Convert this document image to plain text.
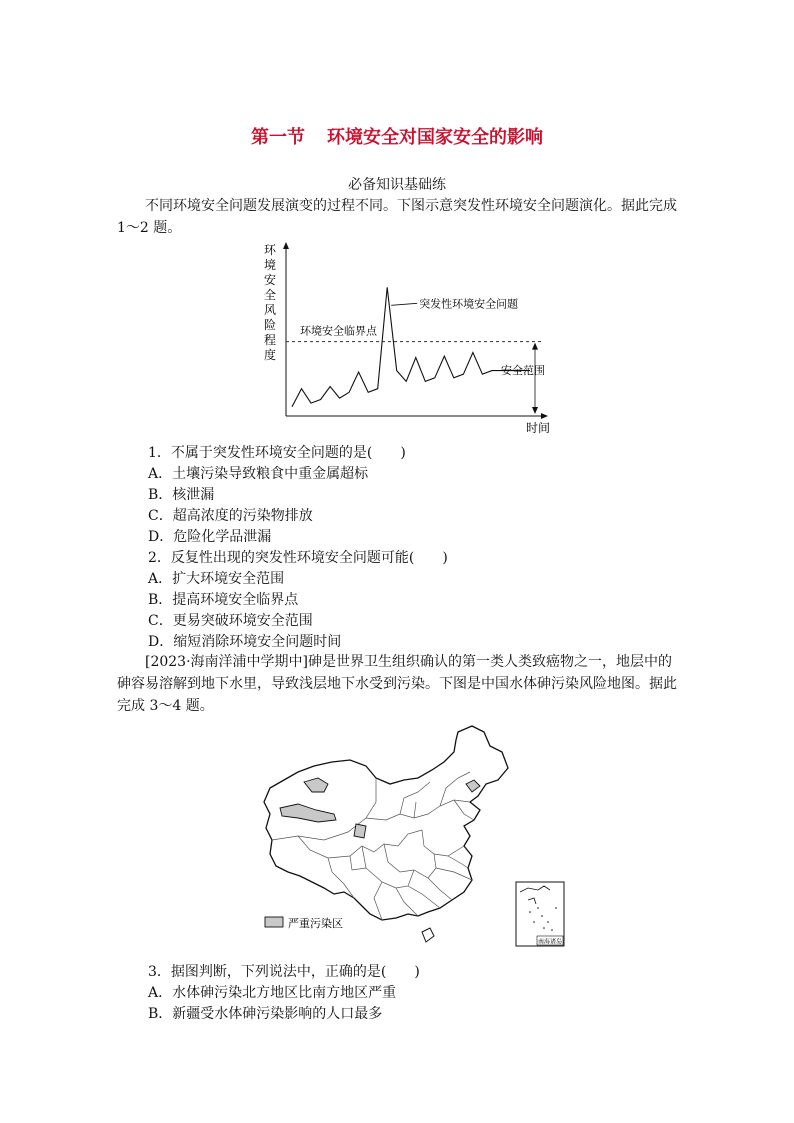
第一节 环境安全对国家安全的影响
必备知识基础练
不同环境安全问题发展演变的过程不同。下图示意突发性环境安全问题演化。据此完成
1～2 题。
环境安全风险程度
时间
环境安全临界点
突发性环境安全问题
安全范围
1．不属于突发性环境安全问题的是(　　)
A．土壤污染导致粮食中重金属超标
B．核泄漏
C．超高浓度的污染物排放
D．危险化学品泄漏
2．反复性出现的突发性环境安全问题可能(　　)
A．扩大环境安全范围
B．提高环境安全临界点
C．更易突破环境安全范围
D．缩短消除环境安全问题时间
[2023·海南洋浦中学期中]砷是世界卫生组织确认的第一类人类致癌物之一，地层中的
砷容易溶解到地下水里，导致浅层地下水受到污染。下图是中国水体砷污染风险地图。据此
完成 3～4 题。
严重污染区
南海诸岛
3．据图判断，下列说法中，正确的是(　　)
A．水体砷污染北方地区比南方地区严重
B．新疆受水体砷污染影响的人口最多
